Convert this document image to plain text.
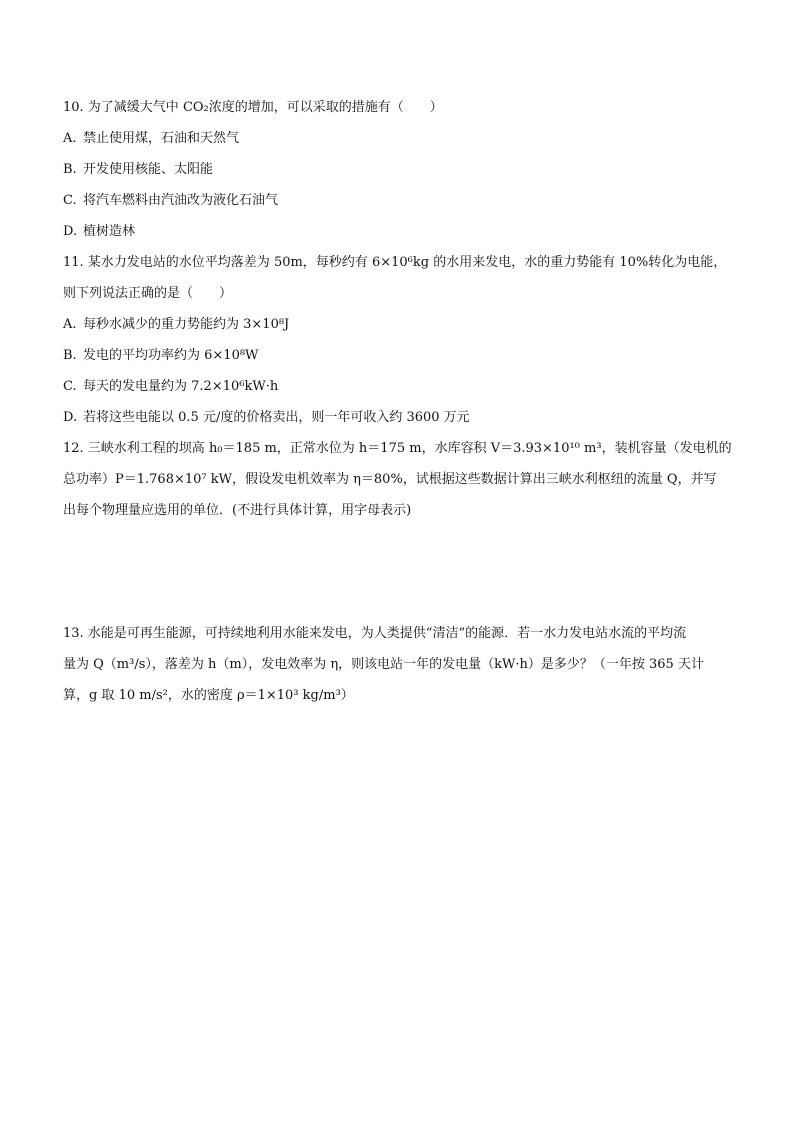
10. 为了减缓大气中 CO₂浓度的增加，可以采取的措施有（　　）
A. 禁止使用煤，石油和天然气
B. 开发使用核能、太阳能
C. 将汽车燃料由汽油改为液化石油气
D. 植树造林
11. 某水力发电站的水位平均落差为 50m，每秒约有 6×10⁶kg 的水用来发电，水的重力势能有 10%转化为电能，
则下列说法正确的是（　　）
A. 每秒水减少的重力势能约为 3×10⁸J
B. 发电的平均功率约为 6×10⁸W
C. 每天的发电量约为 7.2×10⁶kW·h
D. 若将这些电能以 0.5 元/度的价格卖出，则一年可收入约 3600 万元
12. 三峡水利工程的坝高 h₀＝185 m，正常水位为 h＝175 m，水库容积 V＝3.93×10¹⁰ m³，装机容量（发电机的
总功率）P＝1.768×10⁷ kW，假设发电机效率为 η＝80%，试根据这些数据计算出三峡水利枢纽的流量 Q，并写
出每个物理量应选用的单位．(不进行具体计算，用字母表示)
13. 水能是可再生能源，可持续地利用水能来发电，为人类提供“清洁”的能源．若一水力发电站水流的平均流
量为 Q（m³/s），落差为 h（m），发电效率为 η，则该电站一年的发电量（kW·h）是多少？（一年按 365 天计
算，g 取 10 m/s²，水的密度 ρ＝1×10³ kg/m³）
